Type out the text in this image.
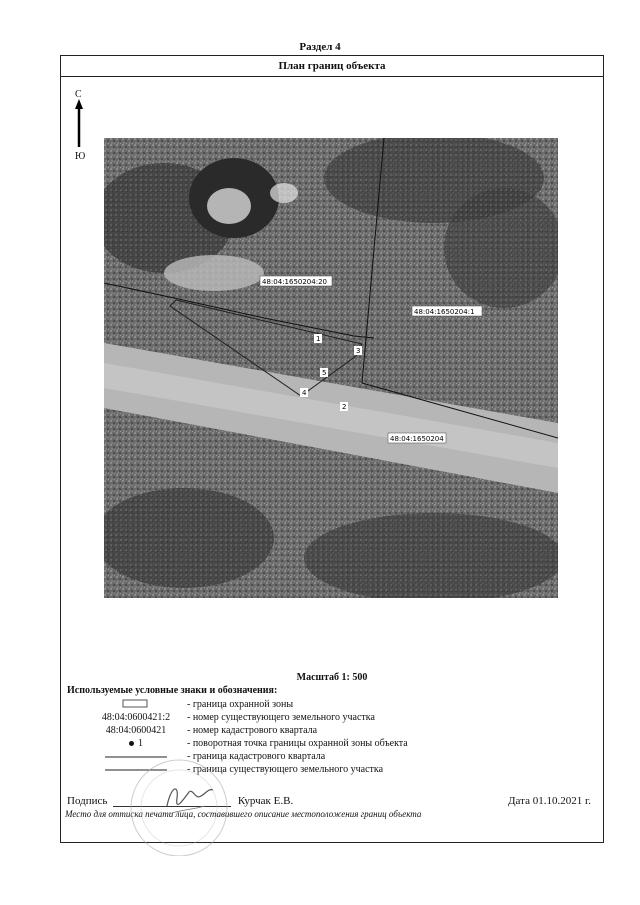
Раздел 4
План границ объекта
С
Ю
48:04:1650204:20
48:04:1650204:1
48:04:1650204
1
2
3
4
5
Масштаб 1: 500
Используемые условные знаки и обозначения:
- граница охранной зоны
48:04:0600421:2	- номер существующего земельного участка
48:04:0600421	- номер кадастрового квартала
1	- поворотная точка границы охранной зоны объекта
- граница кадастрового квартала
- граница существующего земельного участка
Подпись	Курчак Е.В.	Дата 01.10.2021 г.
Место для оттиска печати лица, составившего описание местоположения границ объекта
